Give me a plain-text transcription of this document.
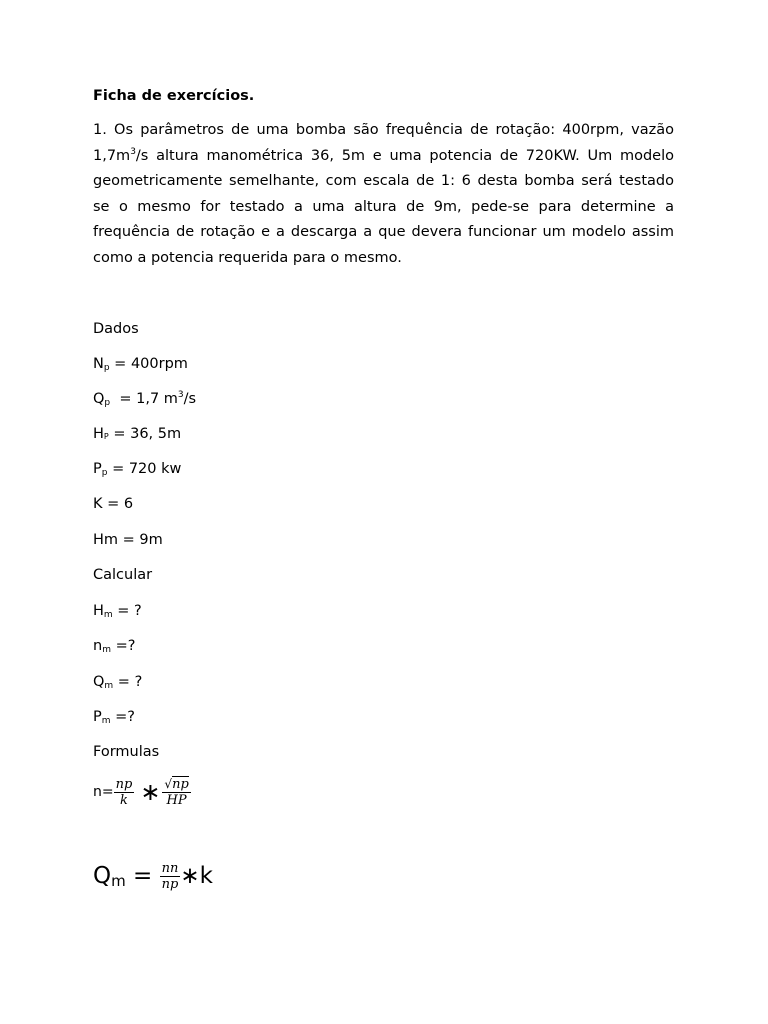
Ficha de exercícios.
1. Os parâmetros de uma bomba são frequência de rotação: 400rpm, vazão $1,7m^3/s$ altura manométrica 36, 5m e uma potencia de 720KW. Um modelo geometricamente semelhante, com escala de 1: 6 desta bomba será testado se o mesmo for testado a uma altura de 9m, pede-se para determine a frequência de rotação e a descarga a que devera funcionar um modelo assim como a potencia requerida para o mesmo.
Dados
$N_p = 400rpm$
$Q_p = 1,7$ $m^3/s$
HP = 36, 5m
$P_p = 720$ kw
K = 6
Hm = 9m
Calcular
$H_m$ = ?
$n_m$ =?
$Q_m$ = ?
$P_m$ =?
Formulas
$n= \frac{np}{k}$ ∗ $\frac{√np}{HP}$
$Qm = \frac{nn}{np}$ ∗k
